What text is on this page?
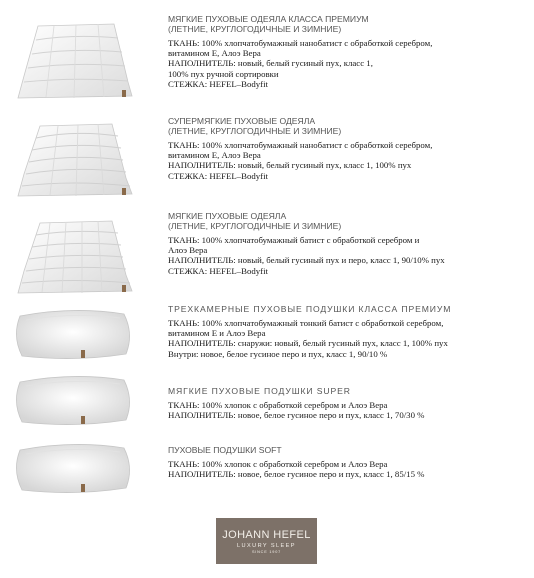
МЯГКИЕ ПУХОВЫЕ ОДЕЯЛА КЛАССА ПРЕМИУМ
(ЛЕТНИЕ, КРУГЛОГОДИЧНЫЕ И ЗИМНИЕ)
ТКАНЬ: 100% хлопчатобумажный нанобатист с обработкой серебром,
витамином Е, Алоэ Вера
НАПОЛНИТЕЛЬ: новый, белый гусиный пух, класс 1,
100% пух ручной сортировки
СТЕЖКА: HEFEL–Bodyfit
СУПЕРМЯГКИЕ ПУХОВЫЕ ОДЕЯЛА
(ЛЕТНИЕ, КРУГЛОГОДИЧНЫЕ И ЗИМНИЕ)
ТКАНЬ: 100% хлопчатобумажный нанобатист с обработкой серебром,
витамином Е, Алоэ Вера
НАПОЛНИТЕЛЬ: новый, белый гусиный пух, класс 1, 100% пух
СТЕЖКА: HEFEL–Bodyfit
МЯГКИЕ ПУХОВЫЕ ОДЕЯЛА
(ЛЕТНИЕ, КРУГЛОГОДИЧНЫЕ И ЗИМНИЕ)
ТКАНЬ: 100% хлопчатобумажный батист с обработкой серебром и
Алоэ Вера
НАПОЛНИТЕЛЬ: новый, белый гусиный пух и перо, класс 1, 90/10% пух
СТЕЖКА: HEFEL–Bodyfit
ТРЕХКАМЕРНЫЕ ПУХОВЫЕ ПОДУШКИ КЛАССА ПРЕМИУМ
ТКАНЬ: 100% хлопчатобумажный тонкий батист с обработкой серебром,
витамином Е и Алоэ Вера
НАПОЛНИТЕЛЬ: снаружи: новый, белый гусиный пух, класс 1, 100% пух
Внутри: новое, белое гусиное перо и пух, класс 1, 90/10 %
МЯГКИЕ ПУХОВЫЕ ПОДУШКИ SUPER
ТКАНЬ: 100% хлопок с обработкой серебром и Алоэ Вера
НАПОЛНИТЕЛЬ: новое, белое гусиное перо и пух, класс 1, 70/30 %
ПУХОВЫЕ ПОДУШКИ SOFT
ТКАНЬ: 100% хлопок с обработкой серебром и Алоэ Вера
НАПОЛНИТЕЛЬ: новое, белое гусиное перо и пух, класс 1, 85/15 %
JOHANN HEFEL
LUXURY SLEEP
SINCE 1907
